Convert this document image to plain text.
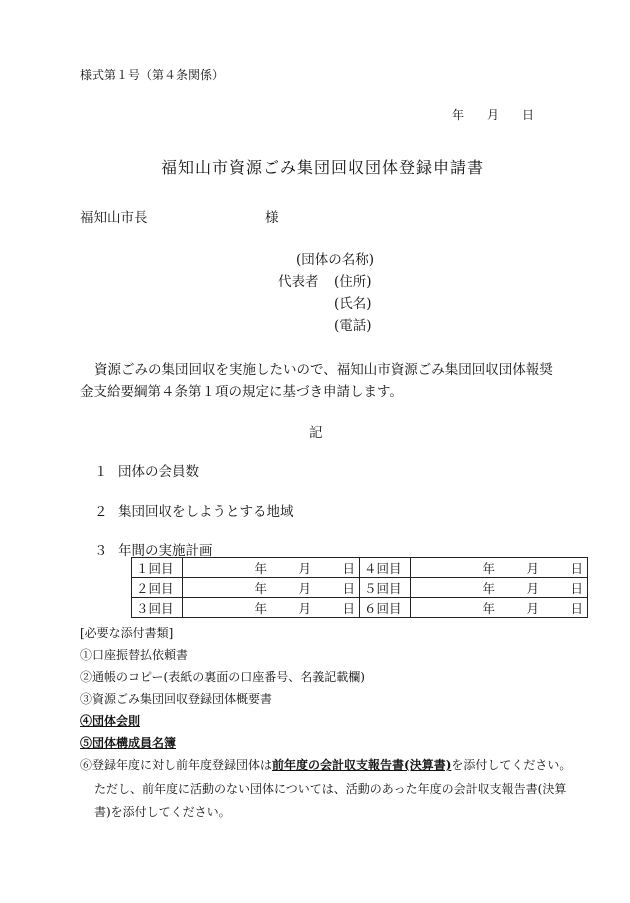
様式第１号（第４条関係）
年 月 日
福知山市資源ごみ集団回収団体登録申請書
福知山市長	様
(団体の名称)
代表者 (住所)
(氏名)
(電話)
資源ごみの集団回収を実施したいので、福知山市資源ごみ集団回収団体報奨
金支給要綱第４条第１項の規定に基づき申請します。
記
１ 団体の会員数
２ 集団回収をしようとする地域
３ 年間の実施計画
１回目	年 月 日	４回目	年 月 日

２回目	年 月 日	５回目	年 月 日

３回目	年 月 日	６回目	年 月 日
[必要な添付書類]
①口座振替払依頼書
②通帳のコピー(表紙の裏面の口座番号、名義記載欄)
③資源ごみ集団回収登録団体概要書
④団体会則
⑤団体構成員名簿
⑥登録年度に対し前年度登録団体は前年度の会計収支報告書(決算書)を添付してください。
ただし、前年度に活動のない団体については、活動のあった年度の会計収支報告書(決算
書)を添付してください。
